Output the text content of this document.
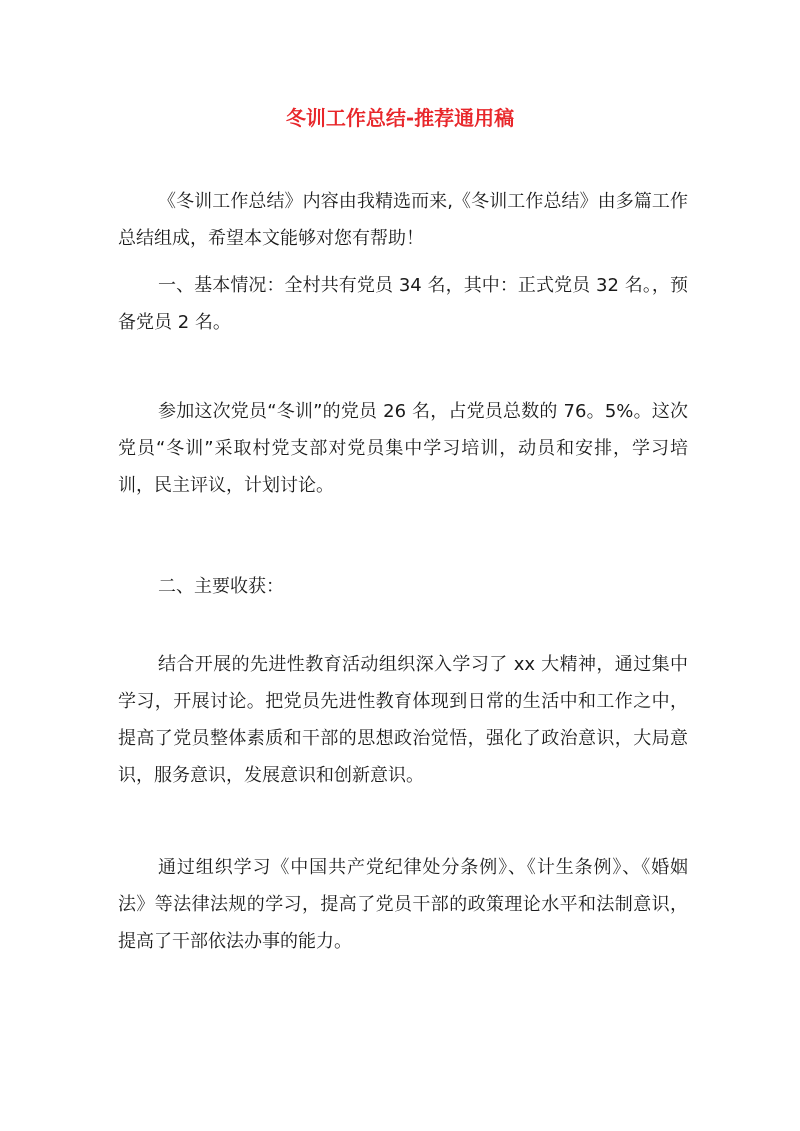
冬训工作总结-推荐通用稿

《冬训工作总结》内容由我精选而来,《冬训工作总结》由多篇工作总结组成，希望本文能够对您有帮助！

一、基本情况：全村共有党员 34 名，其中：正式党员 32 名。，预备党员 2 名。

参加这次党员“冬训”的党员 26 名，占党员总数的 76。5%。这次党员“冬训”采取村党支部对党员集中学习培训，动员和安排，学习培训，民主评议，计划讨论。

二、主要收获：

结合开展的先进性教育活动组织深入学习了 xx 大精神，通过集中学习，开展讨论。把党员先进性教育体现到日常的生活中和工作之中，提高了党员整体素质和干部的思想政治觉悟，强化了政治意识，大局意识，服务意识，发展意识和创新意识。

通过组织学习《中国共产党纪律处分条例》、《计生条例》、《婚姻法》等法律法规的学习，提高了党员干部的政策理论水平和法制意识，提高了干部依法办事的能力。
